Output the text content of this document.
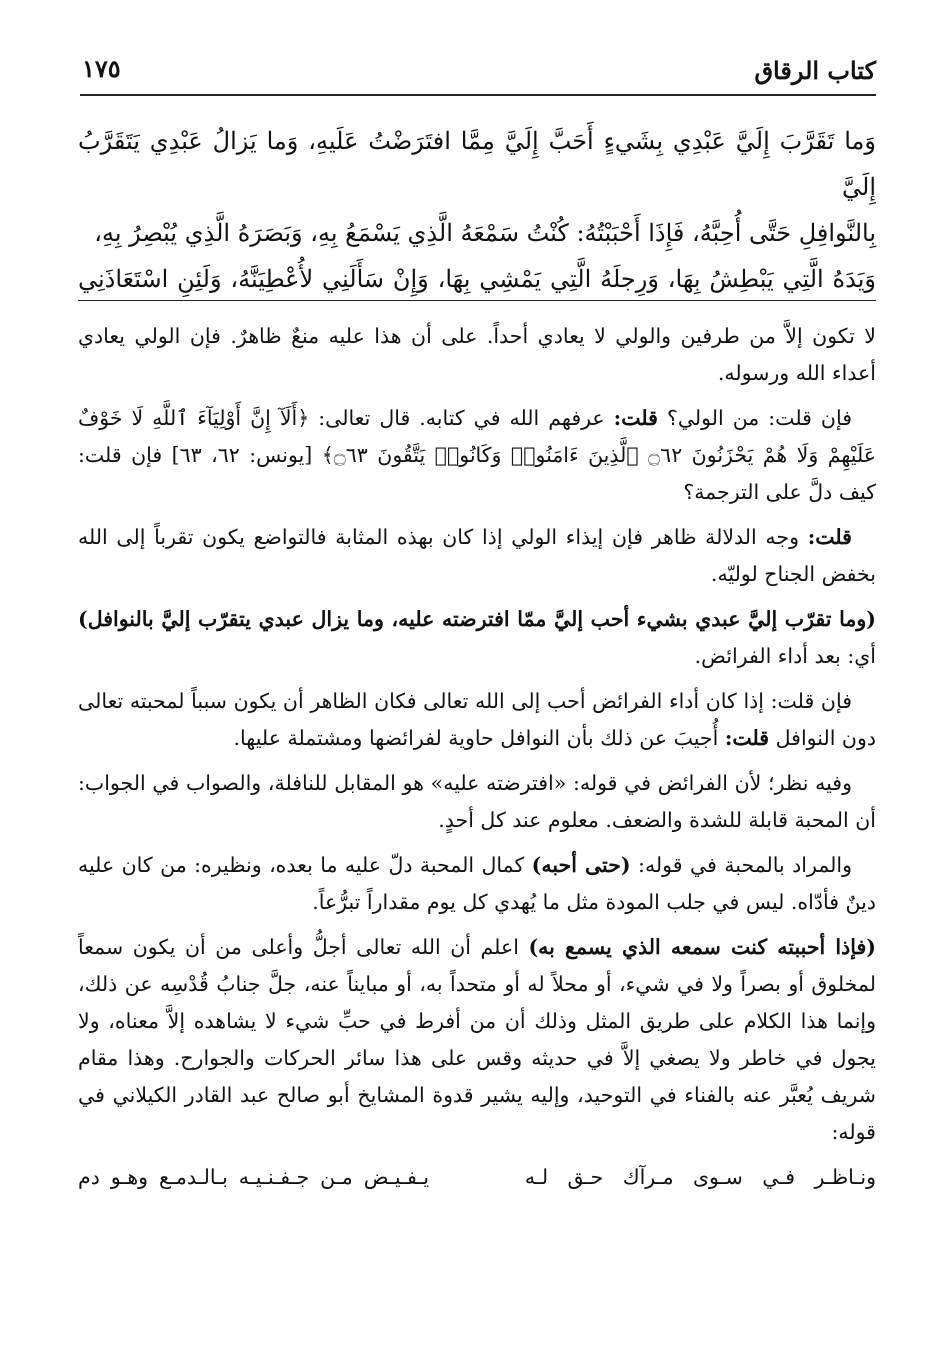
كتاب الرقاق
١٧٥

وَما تَقَرَّبَ إِلَيَّ عَبْدِي بِشَيءٍ أَحَبَّ إِلَيَّ مِمَّا افتَرَضْتُ عَلَيهِ، وَما يَزالُ عَبْدِي يَتَقَرَّبُ إِلَيَّ

بِالنَّوافِلِ حَتَّى أُحِبَّهُ، فَإِذَا أَحْبَبْتُهُ: كُنْتُ سَمْعَهُ الَّذِي يَسْمَعُ بِهِ، وَبَصَرَهُ الَّذِي يُبْصِرُ بِهِ،

وَيَدَهُ الَّتِي يَبْطِشُ بِهَا، وَرِجلَهُ الَّتِي يَمْشِي بِهَا، وَإِنْ سَأَلَنِي لأُعْطِيَنَّهُ، وَلَئِنِ اسْتَعَاذَنِي

لا تكون إلاَّ من طرفين والولي لا يعادي أحداً. على أن هذا عليه منعٌ ظاهرٌ. فإن الولي يعادي أعداء الله ورسوله.

فإن قلت: من الولي؟ قلت: عرفهم الله في كتابه. قال تعالى: ﴿أَلَآ إِنَّ أَوْلِيَآءَ ٱللَّهِ لَا خَوْفٌ عَلَيْهِمْ وَلَا هُمْ يَحْزَنُونَ ۝٦٢ ٱلَّذِينَ ءَامَنُوا۟ وَكَانُوا۟ يَتَّقُونَ ۝٦٣﴾ [يونس: ٦٢، ٦٣] فإن قلت: كيف دلَّ على الترجمة؟

قلت: وجه الدلالة ظاهر فإن إيذاء الولي إذا كان بهذه المثابة فالتواضع يكون تقرباً إلى الله بخفض الجناح لوليّه.

(وما تقرّب إليَّ عبدي بشيء أحب إليَّ ممّا افترضته عليه، وما يزال عبدي يتقرّب إليَّ بالنوافل) أي: بعد أداء الفرائض.

فإن قلت: إذا كان أداء الفرائض أحب إلى الله تعالى فكان الظاهر أن يكون سبباً لمحبته تعالى دون النوافل قلت: أُجيبَ عن ذلك بأن النوافل حاوية لفرائضها ومشتملة عليها.

وفيه نظر؛ لأن الفرائض في قوله: «افترضته عليه» هو المقابل للنافلة، والصواب في الجواب: أن المحبة قابلة للشدة والضعف. معلوم عند كل أحدٍ.

والمراد بالمحبة في قوله: (حتى أحبه) كمال المحبة دلّ عليه ما بعده، ونظيره: من كان عليه دينٌ فأدّاه. ليس في جلب المودة مثل ما يُهدي كل يوم مقداراً تبرُّعاً.

(فإذا أحببته كنت سمعه الذي يسمع به) اعلم أن الله تعالى أجلُّ وأعلى من أن يكون سمعاً لمخلوق أو بصراً ولا في شيء، أو محلاً له أو متحداً به، أو مبايناً عنه، جلَّ جنابُ قُدْسِه عن ذلك، وإنما هذا الكلام على طريق المثل وذلك أن من أفرط في حبِّ شيء لا يشاهده إلاَّ معناه، ولا يجول في خاطر ولا يصغي إلاَّ في حديثه وقس على هذا سائر الحركات والجوارح. وهذا مقام شريف يُعبَّر عنه بالفناء في التوحيد، وإليه يشير قدوة المشايخ أبو صالح عبد القادر الكيلاني في قوله:

ونـاظـر فـي سـوى مـرآك حـق لـه
يـفـيـض مـن جـفـنـيـه بـالـدمـع وهـو دم
